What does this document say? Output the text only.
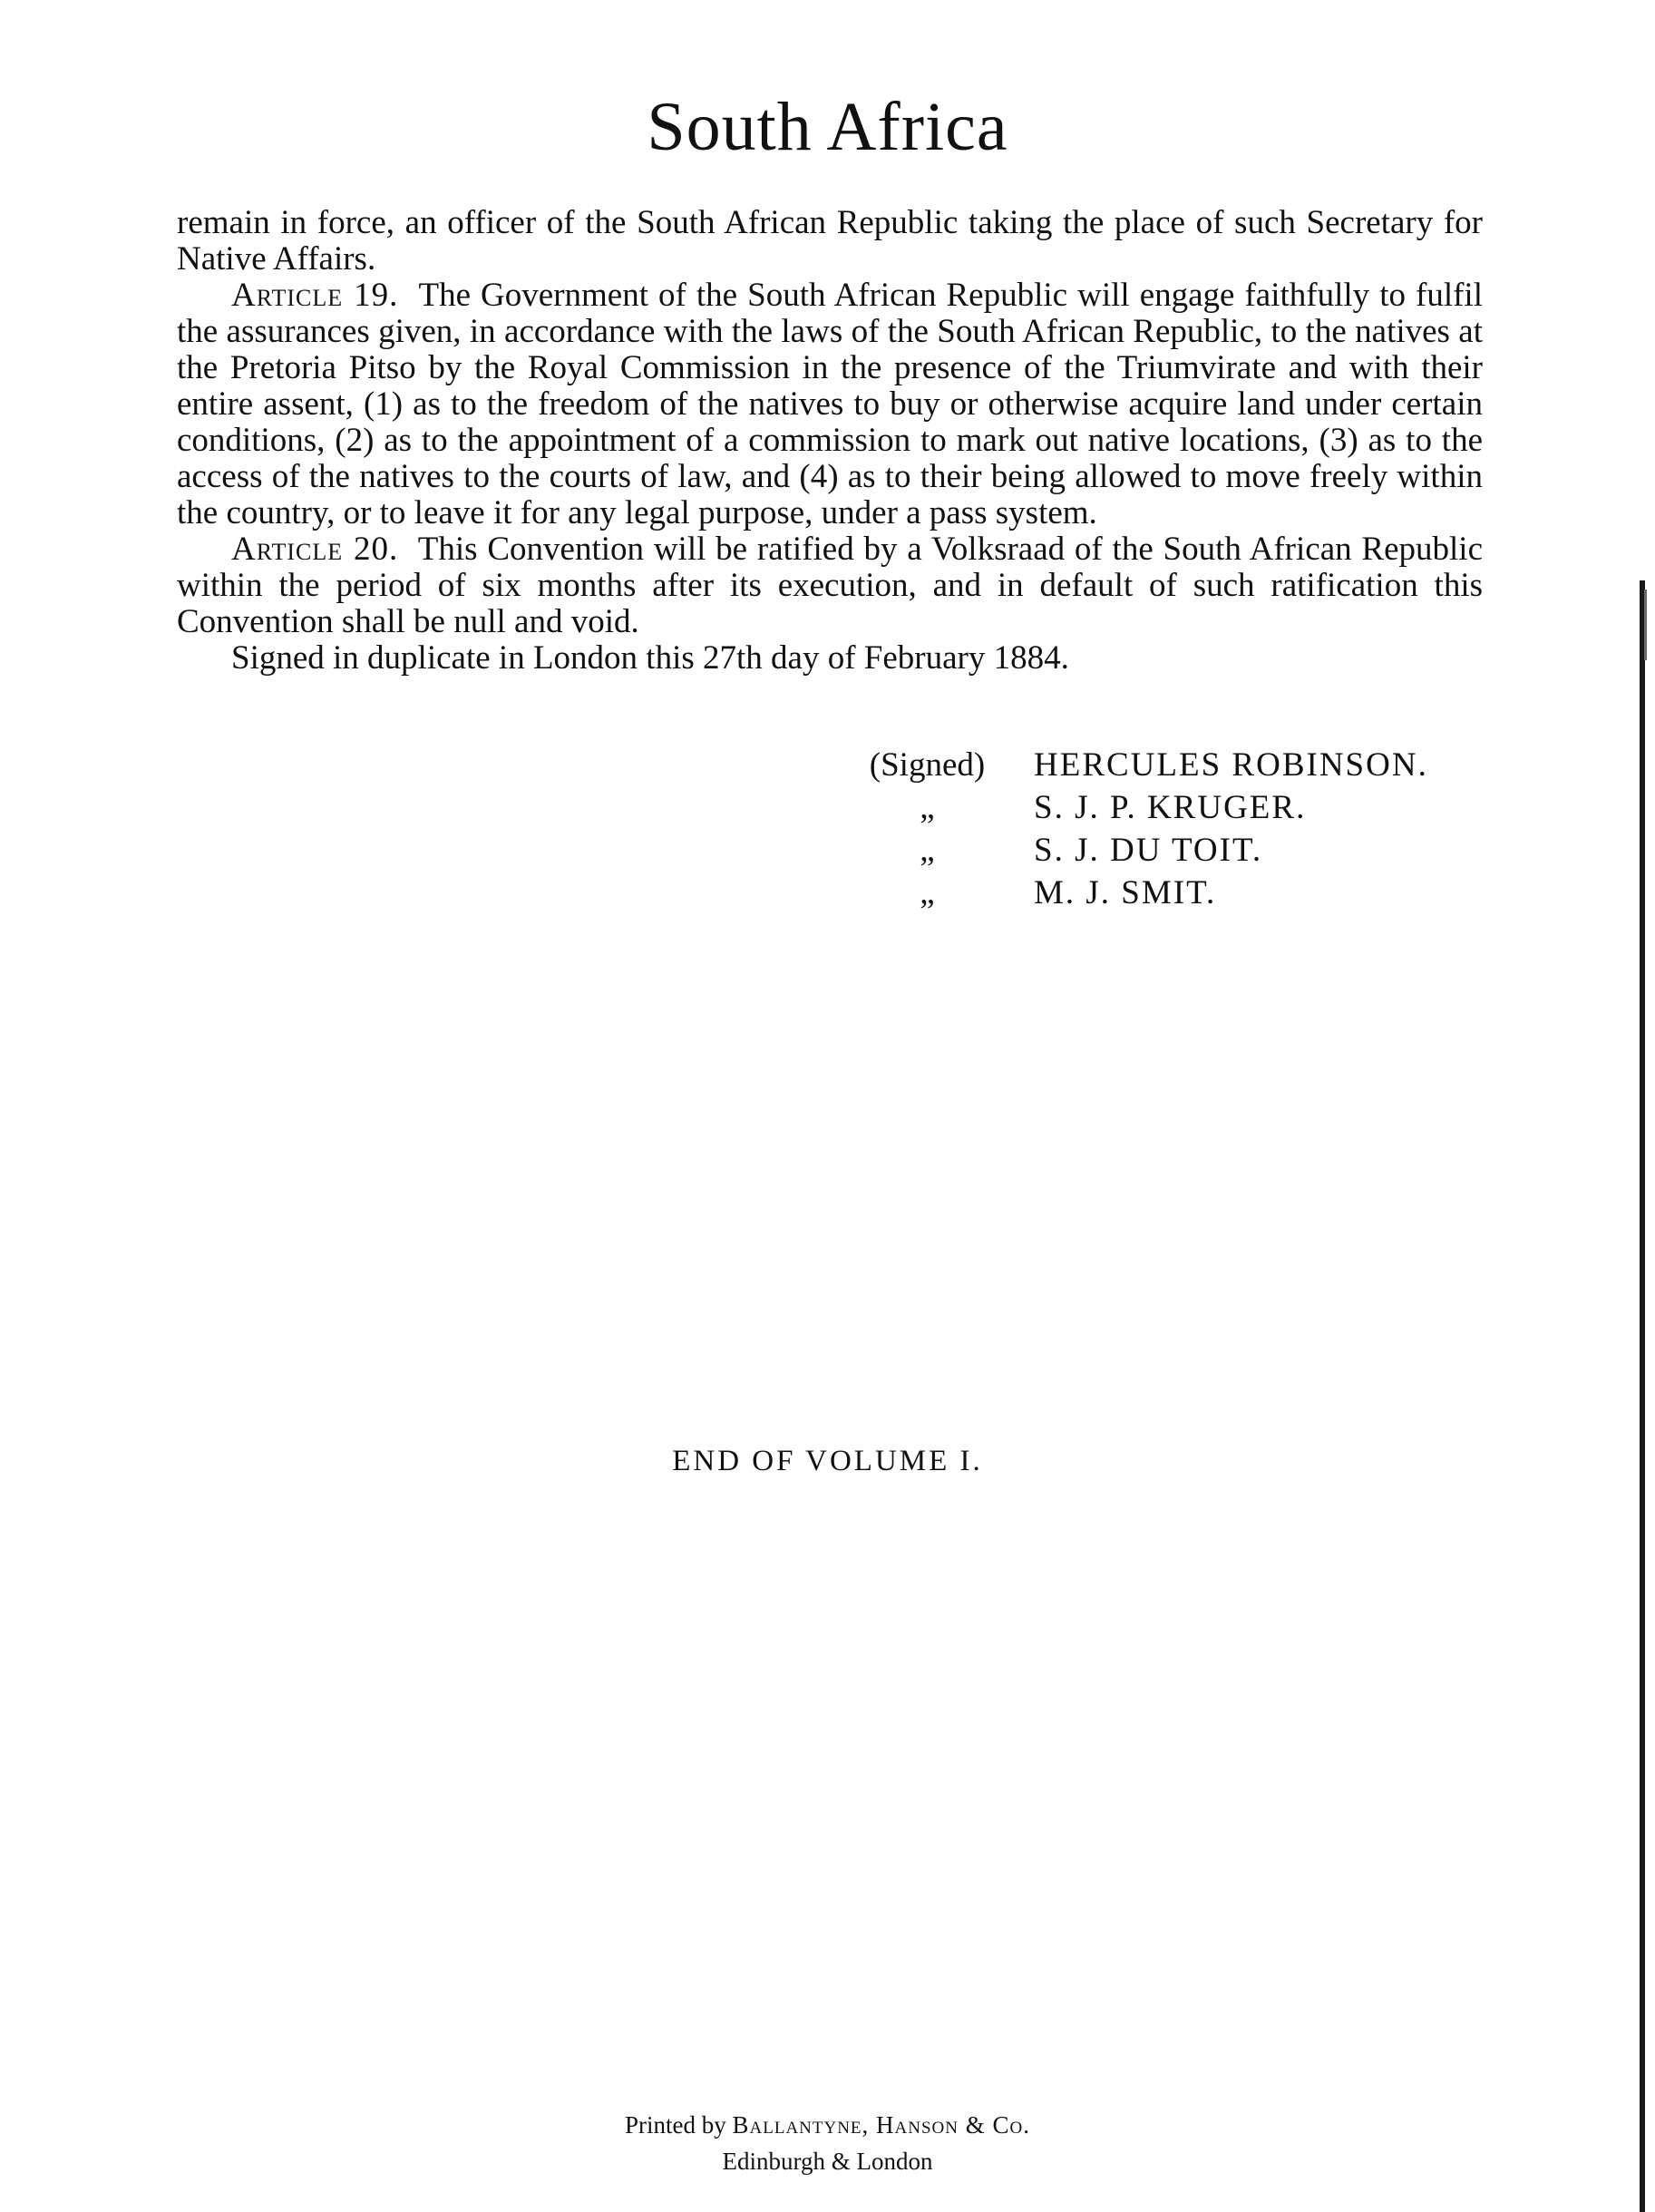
South Africa

remain in force, an officer of the South African Republic taking the place of such Secretary for Native Affairs.

Article 19. The Government of the South African Republic will engage faithfully to fulfil the assurances given, in accordance with the laws of the South African Republic, to the natives at the Pretoria Pitso by the Royal Commission in the presence of the Triumvirate and with their entire assent, (1) as to the freedom of the natives to buy or otherwise acquire land under certain conditions, (2) as to the appointment of a commission to mark out native locations, (3) as to the access of the natives to the courts of law, and (4) as to their being allowed to move freely within the country, or to leave it for any legal purpose, under a pass system.

Article 20. This Convention will be ratified by a Volksraad of the South African Republic within the period of six months after its execution, and in default of such ratification this Convention shall be null and void.

Signed in duplicate in London this 27th day of February 1884.

(Signed)	HERCULES ROBINSON.
„	S. J. P. KRUGER.
„	S. J. DU TOIT.
„	M. J. SMIT.
END OF VOLUME I.
Printed by Ballantyne, Hanson & Co.
Edinburgh & London
